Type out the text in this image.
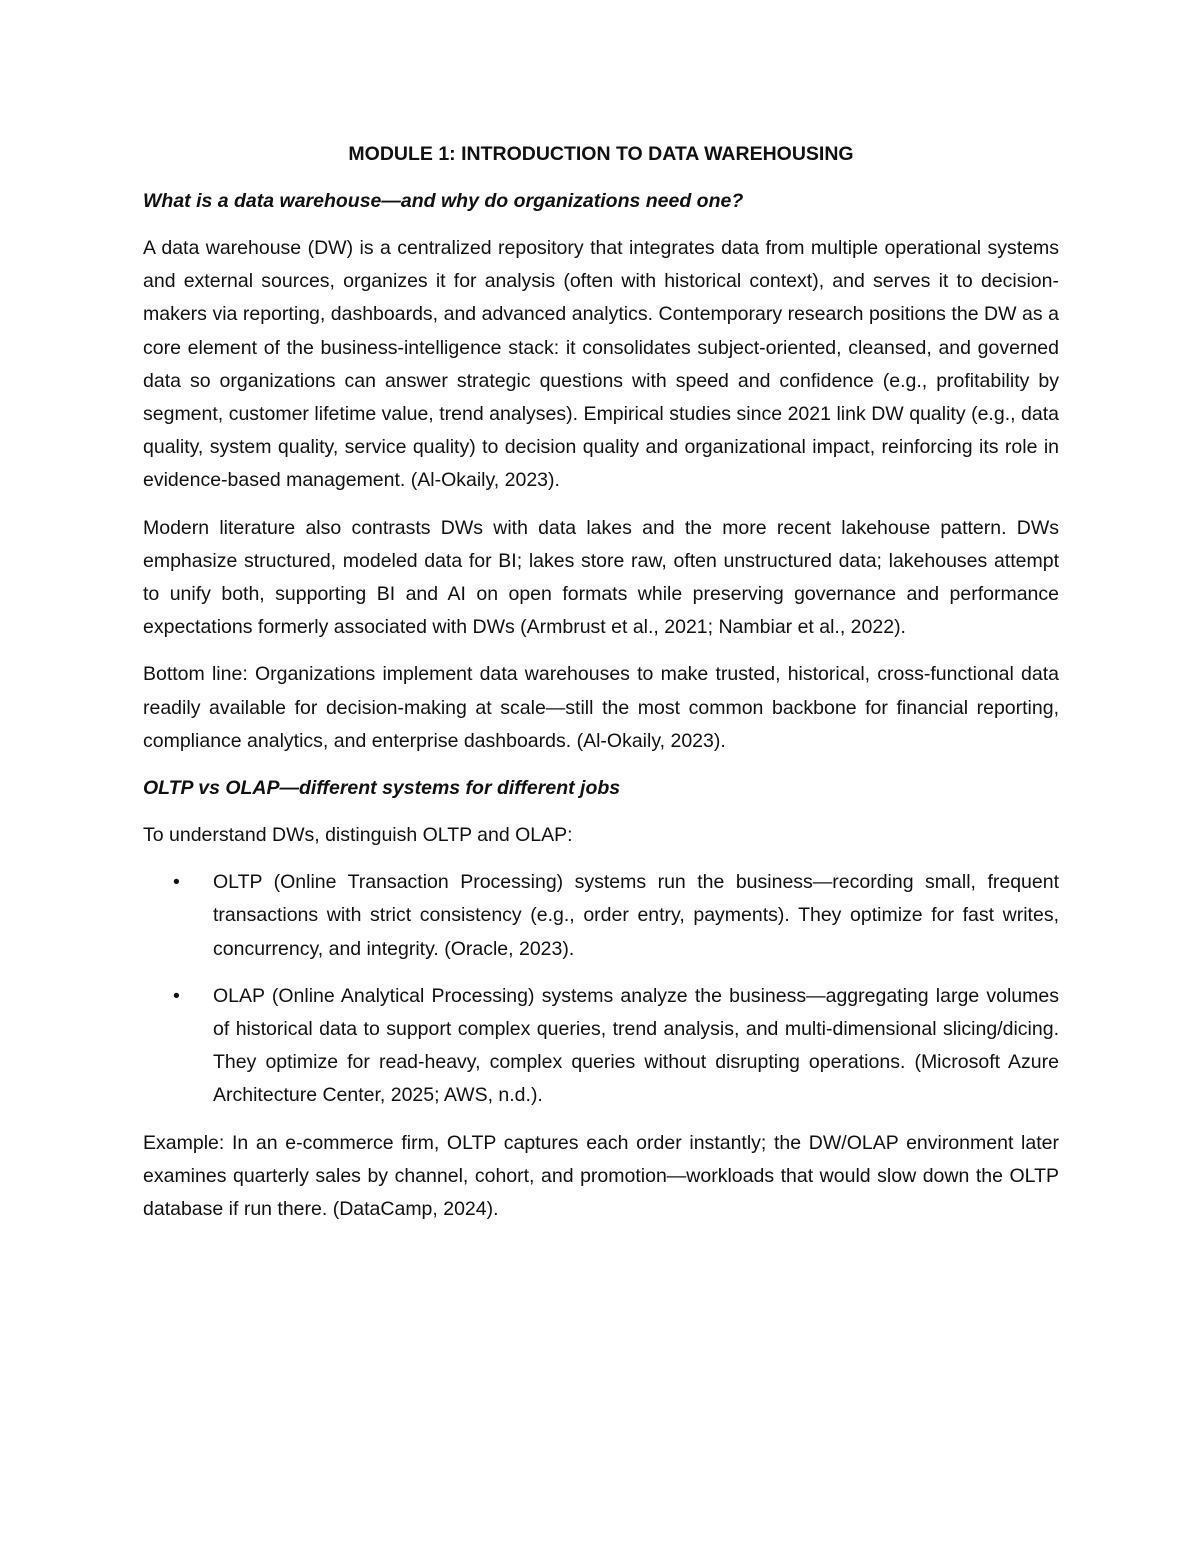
MODULE 1: INTRODUCTION TO DATA WAREHOUSING
What is a data warehouse—and why do organizations need one?

A data warehouse (DW) is a centralized repository that integrates data from multiple operational systems and external sources, organizes it for analysis (often with historical context), and serves it to decision-makers via reporting, dashboards, and advanced analytics. Contemporary research positions the DW as a core element of the business-intelligence stack: it consolidates subject-oriented, cleansed, and governed data so organizations can answer strategic questions with speed and confidence (e.g., profitability by segment, customer lifetime value, trend analyses). Empirical studies since 2021 link DW quality (e.g., data quality, system quality, service quality) to decision quality and organizational impact, reinforcing its role in evidence-based management. (Al-Okaily, 2023).

Modern literature also contrasts DWs with data lakes and the more recent lakehouse pattern. DWs emphasize structured, modeled data for BI; lakes store raw, often unstructured data; lakehouses attempt to unify both, supporting BI and AI on open formats while preserving governance and performance expectations formerly associated with DWs (Armbrust et al., 2021; Nambiar et al., 2022).

Bottom line: Organizations implement data warehouses to make trusted, historical, cross-functional data readily available for decision-making at scale—still the most common backbone for financial reporting, compliance analytics, and enterprise dashboards. (Al-Okaily, 2023).

OLTP vs OLAP—different systems for different jobs

To understand DWs, distinguish OLTP and OLAP:

• OLTP (Online Transaction Processing) systems run the business—recording small, frequent transactions with strict consistency (e.g., order entry, payments). They optimize for fast writes, concurrency, and integrity. (Oracle, 2023).
• OLAP (Online Analytical Processing) systems analyze the business—aggregating large volumes of historical data to support complex queries, trend analysis, and multi-dimensional slicing/dicing. They optimize for read-heavy, complex queries without disrupting operations. (Microsoft Azure Architecture Center, 2025; AWS, n.d.).

Example: In an e-commerce firm, OLTP captures each order instantly; the DW/OLAP environment later examines quarterly sales by channel, cohort, and promotion—workloads that would slow down the OLTP database if run there. (DataCamp, 2024).
